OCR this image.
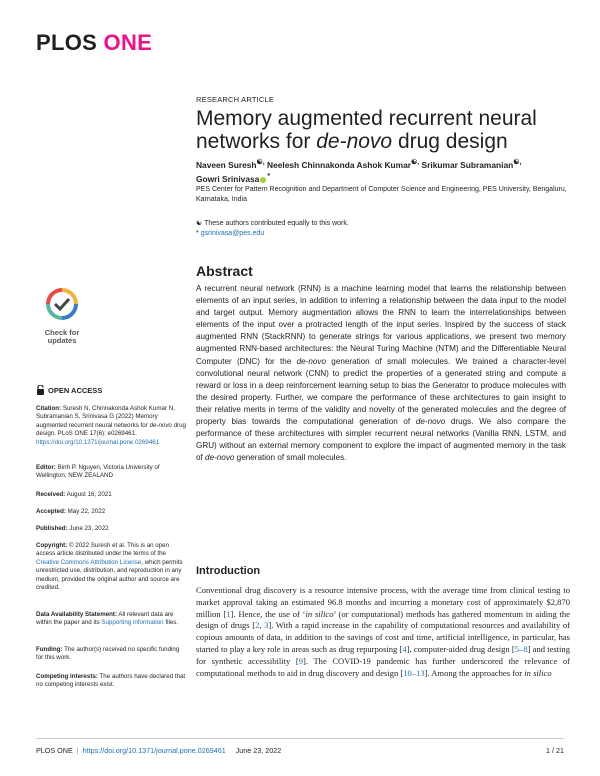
PLOS ONE
RESEARCH ARTICLE
Memory augmented recurrent neural networks for de-novo drug design
Naveen Suresh☯, Neelesh Chinnakonda Ashok Kumar☯, Srikumar Subramanian☯,
Gowri Srinivasa *
PES Center for Pattern Recognition and Department of Computer Science and Engineering, PES University, Bengaluru, Karnataka, India
☯ These authors contributed equally to this work.
* gsrinivasa@pes.edu
Check for
updates
OPEN ACCESS
Citation: Suresh N, Chinnakonda Ashok Kumar N, Subramanian S, Srinivasa G (2022) Memory augmented recurrent neural networks for de-novo drug design. PLoS ONE 17(6): e0269461. https://doi.org/10.1371/journal.pone.0269461
Editor: Binh P. Nguyen, Victoria University of Wellington, NEW ZEALAND
Received: August 16, 2021
Accepted: May 22, 2022
Published: June 23, 2022
Copyright: © 2022 Suresh et al. This is an open access article distributed under the terms of the Creative Commons Attribution License, which permits unrestricted use, distribution, and reproduction in any medium, provided the original author and source are credited.
Data Availability Statement: All relevant data are within the paper and its Supporting information files.
Funding: The author(s) received no specific funding for this work.
Competing interests: The authors have declared that no competing interests exist.
Abstract

A recurrent neural network (RNN) is a machine learning model that learns the relationship between elements of an input series, in addition to inferring a relationship between the data input to the model and target output. Memory augmentation allows the RNN to learn the interrelationships between elements of the input over a protracted length of the input series. Inspired by the success of stack augmented RNN (StackRNN) to generate strings for various applications, we present two memory augmented RNN-based architectures: the Neural Turing Machine (NTM) and the Differentiable Neural Computer (DNC) for the de-novo generation of small molecules. We trained a character-level convolutional neural network (CNN) to predict the properties of a generated string and compute a reward or loss in a deep reinforcement learning setup to bias the Generator to produce molecules with the desired property. Further, we compare the performance of these architectures to gain insight to their relative merits in terms of the validity and novelty of the generated molecules and the degree of property bias towards the computational generation of de-novo drugs. We also compare the performance of these architectures with simpler recurrent neural networks (Vanilla RNN, LSTM, and GRU) without an external memory component to explore the impact of augmented memory in the task of de-novo generation of small molecules.

Introduction

Conventional drug discovery is a resource intensive process, with the average time from clinical testing to market approval taking an estimated 96.8 months and incurring a monetary cost of approximately $2,870 million [1]. Hence, the use of ‘in silico’ (or computational) methods has gathered momentum in aiding the design of drugs [2, 3]. With a rapid increase in the capability of computational resources and availability of copious amounts of data, in addition to the savings of cost and time, artificial intelligence, in particular, has started to play a key role in areas such as drug repurposing [4], computer-aided drug design [5–8] and testing for synthetic accessibility [9]. The COVID-19 pandemic has further underscored the relevance of computational methods to aid in drug discovery and design [10–13]. Among the approaches for in silico

PLOS ONE | https://doi.org/10.1371/journal.pone.0269461 June 23, 2022	1 / 21
